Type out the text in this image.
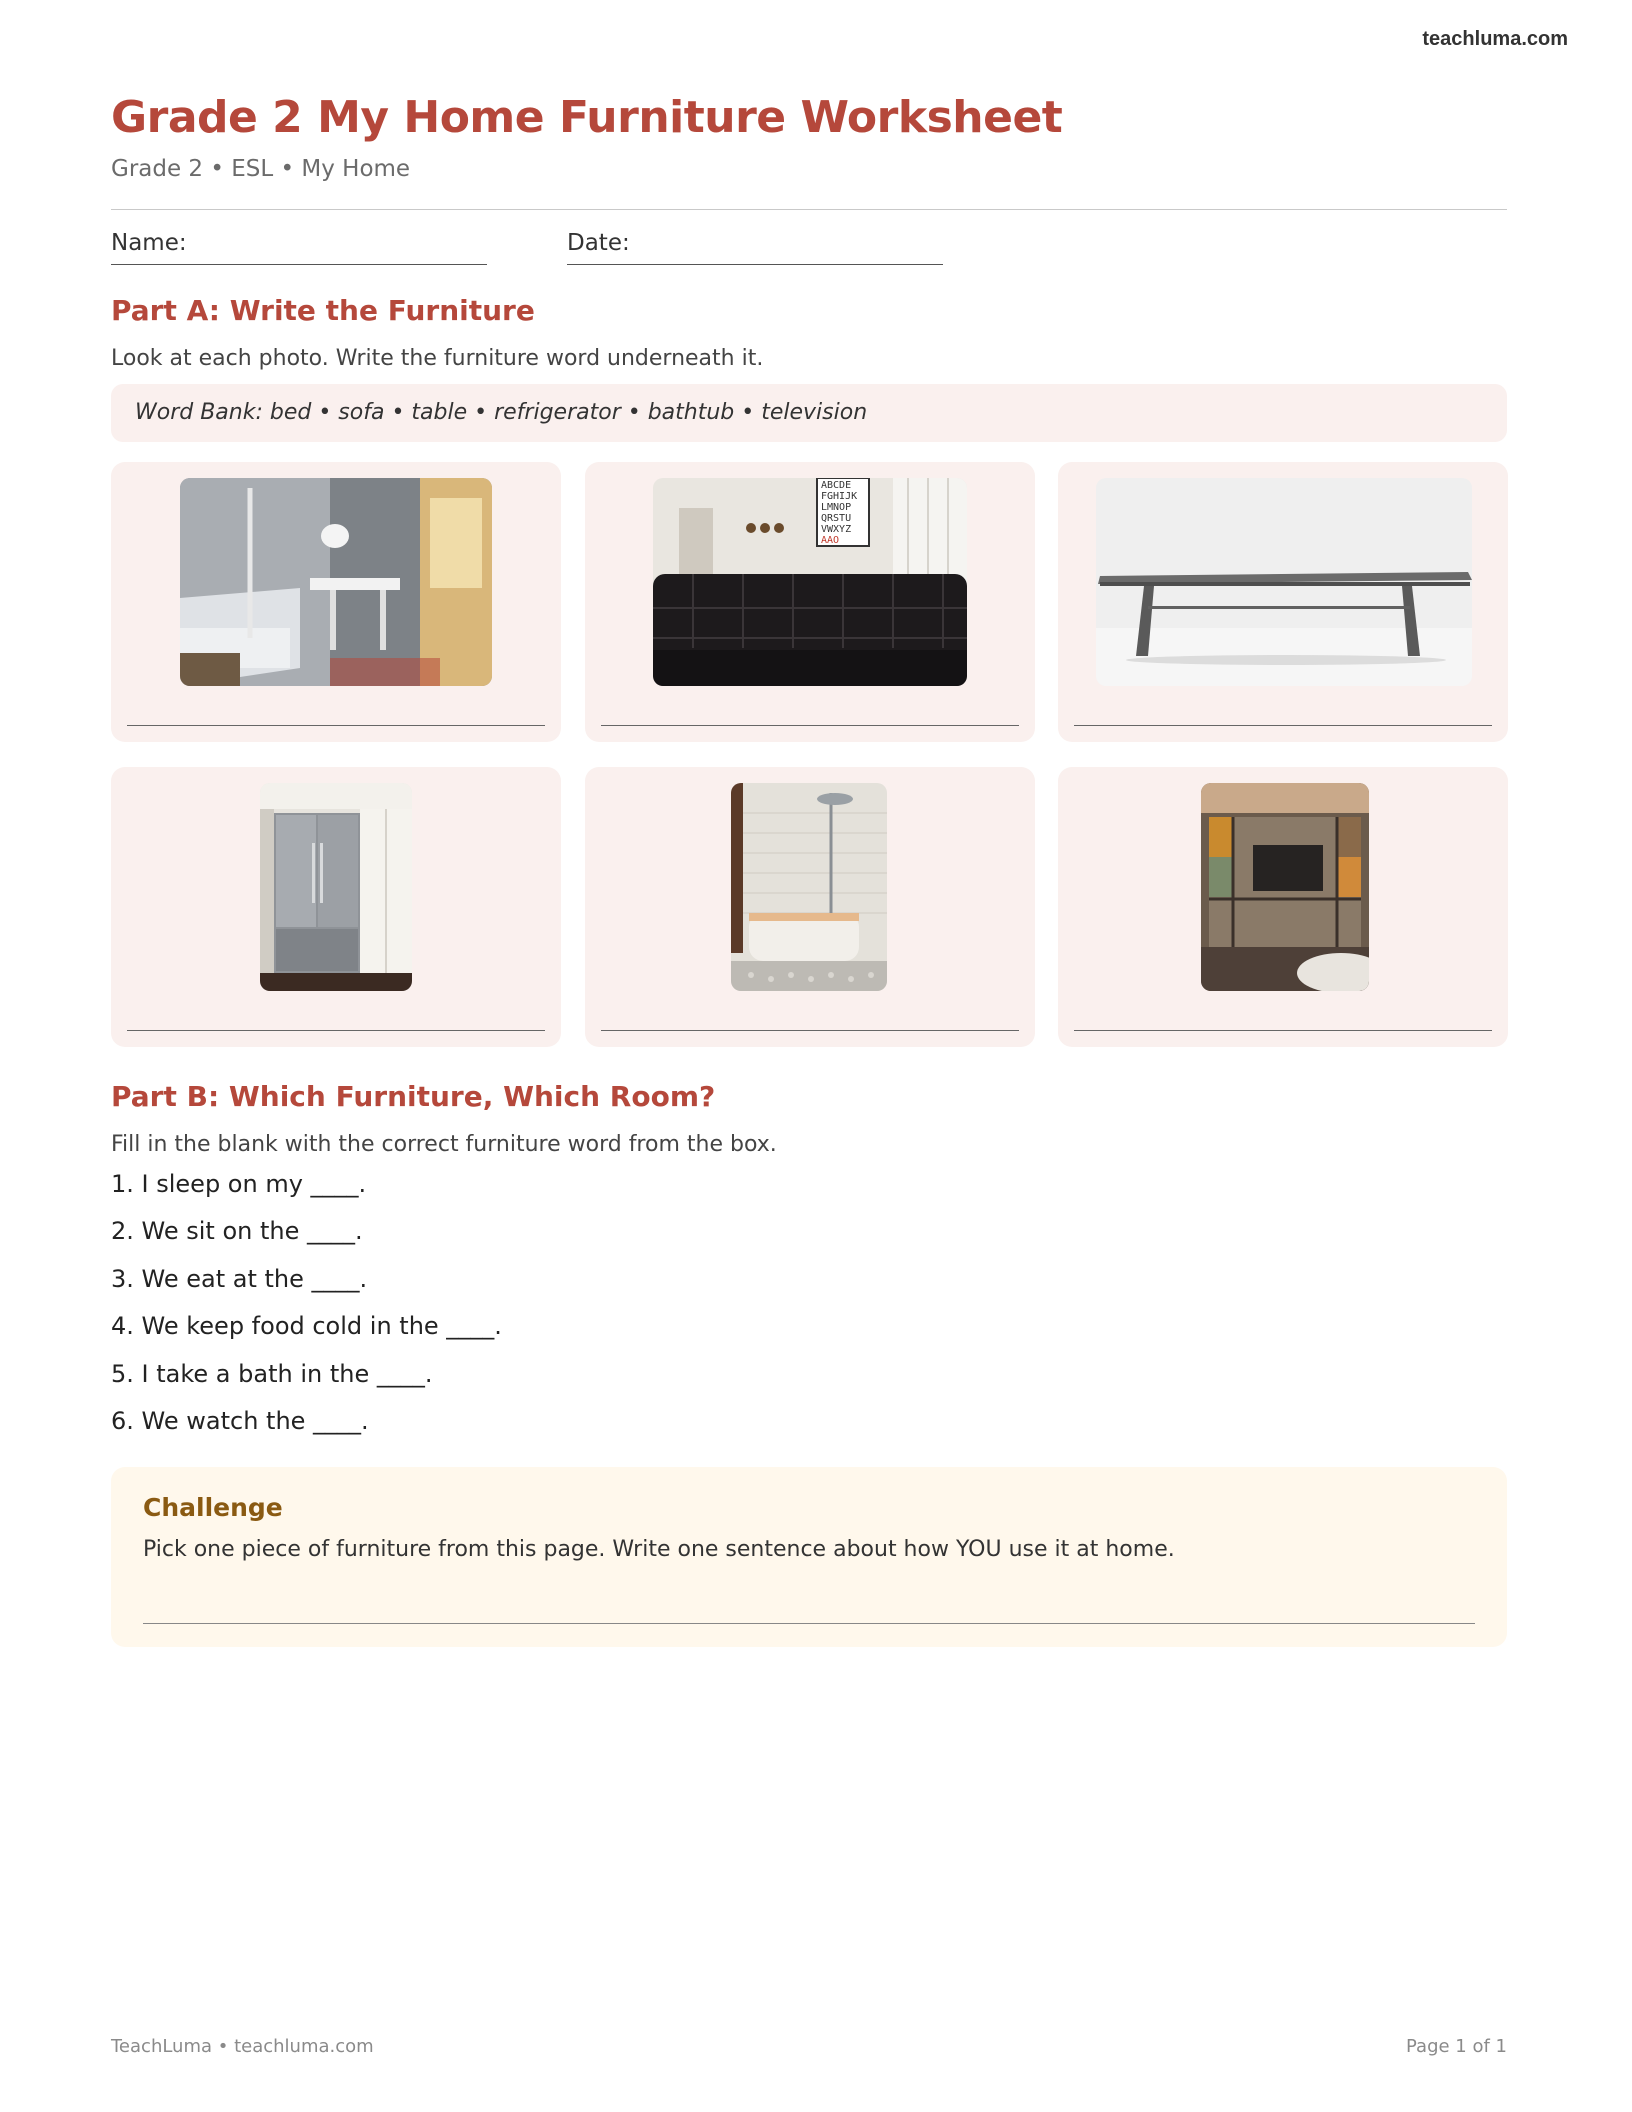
teachluma.com
Grade 2 My Home Furniture Worksheet
Grade 2 • ESL • My Home
Name:	Date:
Part A: Write the Furniture
Look at each photo. Write the furniture word underneath it.
Word Bank: bed • sofa • table • refrigerator • bathtub • television
ABCDE
FGHIJK
LMNOP
QRSTU
VWXYZ
AAO
Part B: Which Furniture, Which Room?
Fill in the blank with the correct furniture word from the box.
1. I sleep on my ____.
2. We sit on the ____.
3. We eat at the ____.
4. We keep food cold in the ____.
5. I take a bath in the ____.
6. We watch the ____.
Challenge
Pick one piece of furniture from this page. Write one sentence about how YOU use it at home.
TeachLuma • teachluma.com	Page 1 of 1
